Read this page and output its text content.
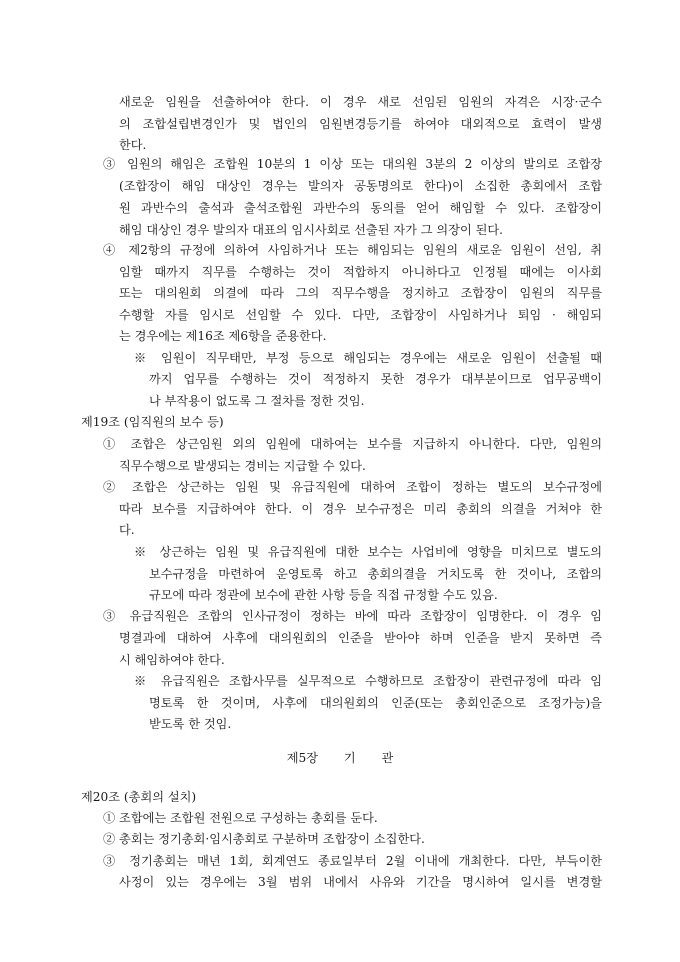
새로운 임원을 선출하여야 한다. 이 경우 새로 선임된 임원의 자격은 시장·군수
의 조합설립변경인가 및 법인의 임원변경등기를 하여야 대외적으로 효력이 발생
한다.
③ 임원의 해임은 조합원 10분의 1 이상 또는 대의원 3분의 2 이상의 발의로 조합장
(조합장이 해임 대상인 경우는 발의자 공동명의로 한다)이 소집한 총회에서 조합
원 과반수의 출석과 출석조합원 과반수의 동의를 얻어 해임할 수 있다. 조합장이
해임 대상인 경우 발의자 대표의 임시사회로 선출된 자가 그 의장이 된다.
④ 제2항의 규정에 의하여 사임하거나 또는 해임되는 임원의 새로운 임원이 선임, 취
임할 때까지 직무를 수행하는 것이 적합하지 아니하다고 인정될 때에는 이사회
또는 대의원회 의결에 따라 그의 직무수행을 정지하고 조합장이 임원의 직무를
수행할 자를 임시로 선임할 수 있다. 다만, 조합장이 사임하거나 퇴임 · 해임되
는 경우에는 제16조 제6항을 준용한다.
※ 임원이 직무태만, 부정 등으로 해임되는 경우에는 새로운 임원이 선출될 때
까지 업무를 수행하는 것이 적정하지 못한 경우가 대부분이므로 업무공백이
나 부작용이 없도록 그 절차를 정한 것임.
제19조 (임직원의 보수 등)
① 조합은 상근임원 외의 임원에 대하여는 보수를 지급하지 아니한다. 다만, 임원의
직무수행으로 발생되는 경비는 지급할 수 있다.
② 조합은 상근하는 임원 및 유급직원에 대하여 조합이 정하는 별도의 보수규정에
따라 보수를 지급하여야 한다. 이 경우 보수규정은 미리 총회의 의결을 거쳐야 한
다.
※ 상근하는 임원 및 유급직원에 대한 보수는 사업비에 영향을 미치므로 별도의
보수규정을 마련하여 운영토록 하고 총회의결을 거치도록 한 것이나, 조합의
규모에 따라 정관에 보수에 관한 사항 등을 직접 규정할 수도 있음.
③ 유급직원은 조합의 인사규정이 정하는 바에 따라 조합장이 임명한다. 이 경우 임
명결과에 대하여 사후에 대의원회의 인준을 받아야 하며 인준을 받지 못하면 즉
시 해임하여야 한다.
※ 유급직원은 조합사무를 실무적으로 수행하므로 조합장이 관련규정에 따라 임
명토록 한 것이며, 사후에 대의원회의 인준(또는 총회인준으로 조정가능)을
받도록 한 것임.
제5장 기 관
제20조 (총회의 설치)
① 조합에는 조합원 전원으로 구성하는 총회를 둔다.
② 총회는 정기총회·임시총회로 구분하며 조합장이 소집한다.
③ 정기총회는 매년 1회, 회계연도 종료일부터 2월 이내에 개최한다. 다만, 부득이한
사정이 있는 경우에는 3월 범위 내에서 사유와 기간을 명시하여 일시를 변경할
